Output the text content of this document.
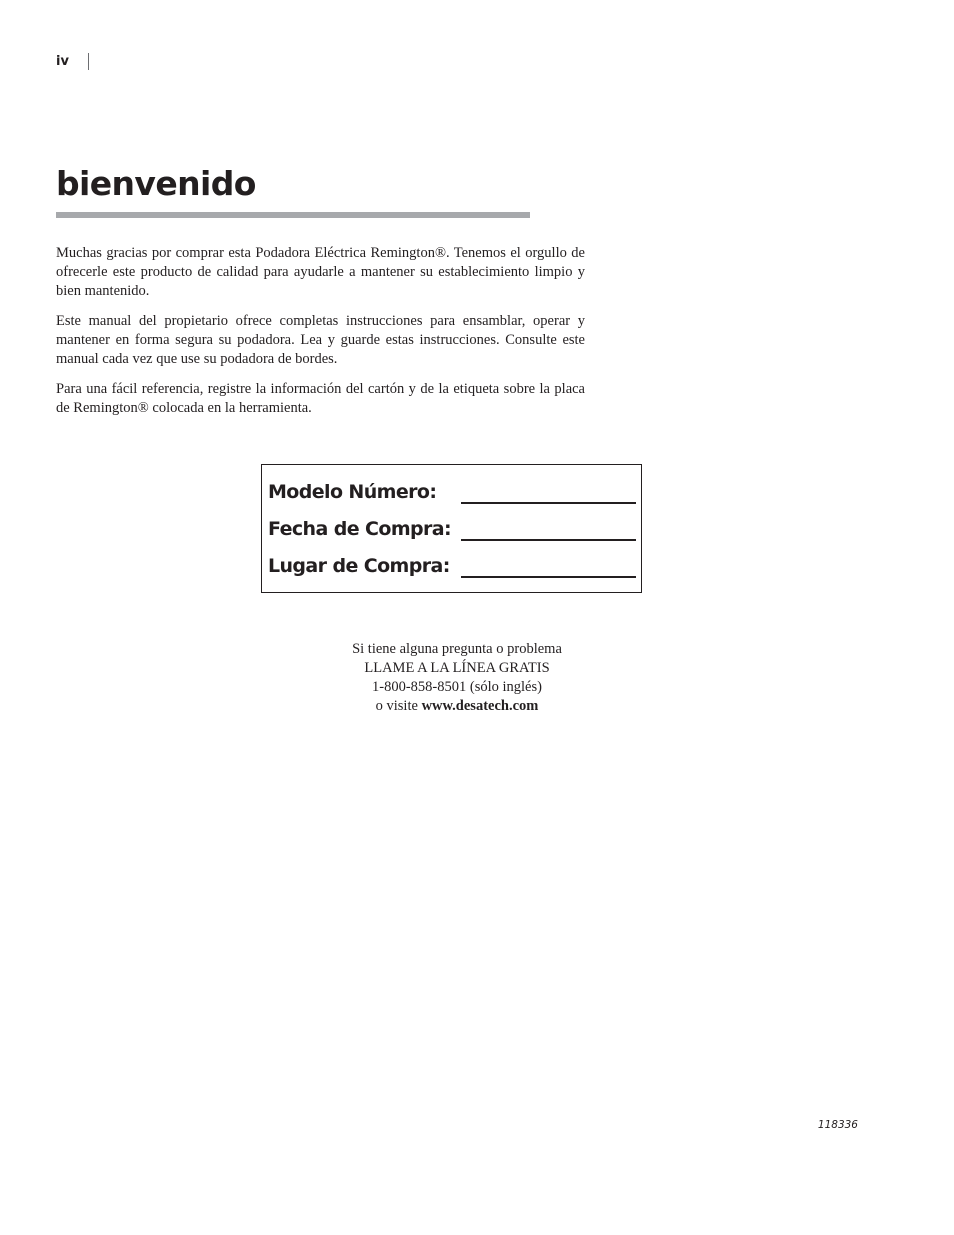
iv
bienvenido

Muchas gracias por comprar esta Podadora Eléctrica Remington®. Tenemos el orgullo de ofrecerle este producto de calidad para ayudarle a mantener su establecimiento limpio y bien mantenido.

Este manual del propietario ofrece completas instrucciones para ensamblar, operar y mantener en forma segura su podadora. Lea y guarde estas instrucciones. Consulte este manual cada vez que use su podadora de bordes.

Para una fácil referencia, registre la información del cartón y de la etiqueta sobre la placa de Remington® colocada en la herramienta.

Modelo Número:
Fecha de Compra:
Lugar de Compra:
Si tiene alguna pregunta o problema
LLAME A LA LÍNEA GRATIS
1-800-858-8501 (sólo inglés)
o visite www.desatech.com
118336
